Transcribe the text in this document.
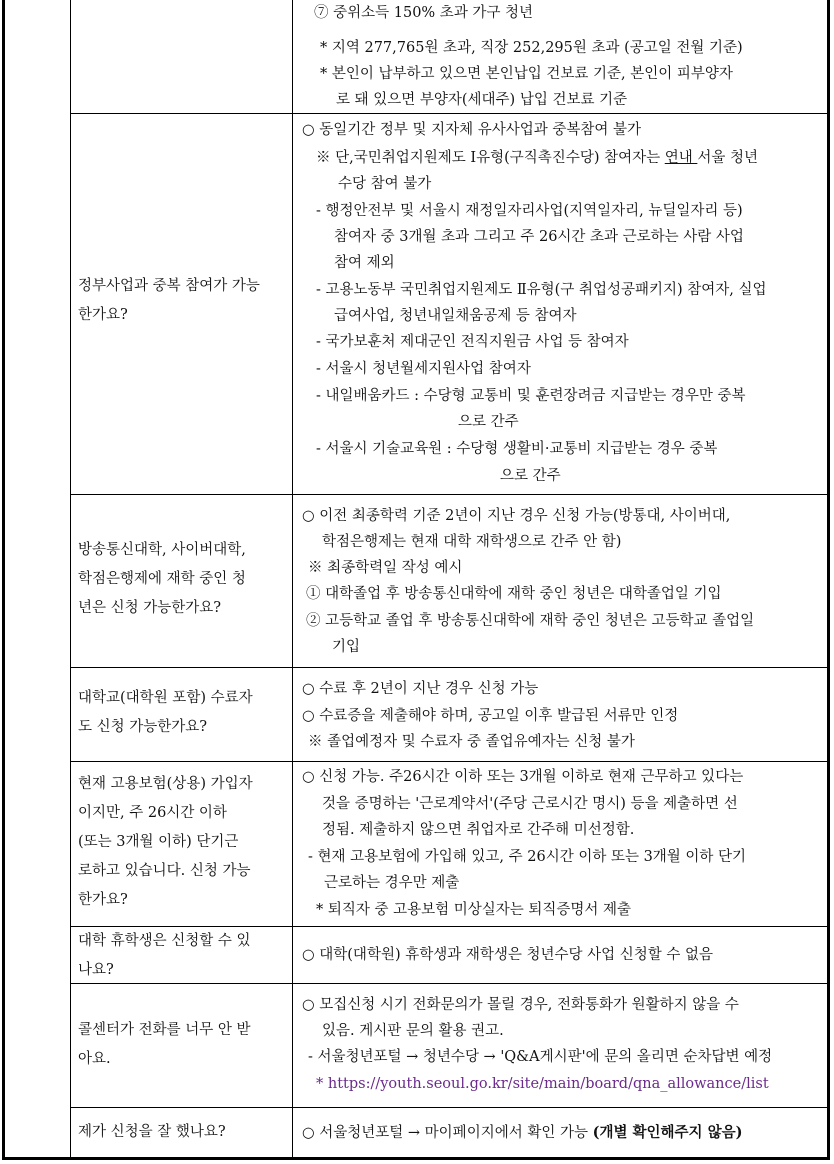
⑦ 중위소득 150% 초과 가구 청년
* 지역 277,765원 초과, 직장 252,295원 초과 (공고일 전월 기준)
* 본인이 납부하고 있으면 본인납입 건보료 기준, 본인이 피부양자
로 돼 있으면 부양자(세대주) 납입 건보료 기준
정부사업과 중복 참여가 가능
한가요?
○ 동일기간 정부 및 지자체 유사사업과 중복참여 불가
※ 단,국민취업지원제도 Ⅰ유형(구직촉진수당) 참여자는 연내 서울 청년
수당 참여 불가
- 행정안전부 및 서울시 재정일자리사업(지역일자리, 뉴딜일자리 등)
참여자 중 3개월 초과 그리고 주 26시간 초과 근로하는 사람 사업
참여 제외
- 고용노동부 국민취업지원제도 Ⅱ유형(구 취업성공패키지) 참여자, 실업
급여사업, 청년내일채움공제 등 참여자
- 국가보훈처 제대군인 전직지원금 사업 등 참여자
- 서울시 청년월세지원사업 참여자
- 내일배움카드 : 수당형 교통비 및 훈련장려금 지급받는 경우만 중복
으로 간주
- 서울시 기술교육원 : 수당형 생활비·교통비 지급받는 경우 중복
으로 간주
방송통신대학, 사이버대학,
학점은행제에 재학 중인 청
년은 신청 가능한가요?
○ 이전 최종학력 기준 2년이 지난 경우 신청 가능(방통대, 사이버대,
학점은행제는 현재 대학 재학생으로 간주 안 함)
※ 최종학력일 작성 예시
① 대학졸업 후 방송통신대학에 재학 중인 청년은 대학졸업일 기입
② 고등학교 졸업 후 방송통신대학에 재학 중인 청년은 고등학교 졸업일
기입
대학교(대학원 포함) 수료자
도 신청 가능한가요?
○ 수료 후 2년이 지난 경우 신청 가능
○ 수료증을 제출해야 하며, 공고일 이후 발급된 서류만 인정
※ 졸업예정자 및 수료자 중 졸업유예자는 신청 불가
현재 고용보험(상용) 가입자
이지만, 주 26시간 이하
(또는 3개월 이하) 단기근
로하고 있습니다. 신청 가능
한가요?
○ 신청 가능. 주26시간 이하 또는 3개월 이하로 현재 근무하고 있다는
것을 증명하는 '근로계약서'(주당 근로시간 명시) 등을 제출하면 선
정됨. 제출하지 않으면 취업자로 간주해 미선정함.
- 현재 고용보험에 가입해 있고, 주 26시간 이하 또는 3개월 이하 단기
근로하는 경우만 제출
* 퇴직자 중 고용보험 미상실자는 퇴직증명서 제출
대학 휴학생은 신청할 수 있
나요?
○ 대학(대학원) 휴학생과 재학생은 청년수당 사업 신청할 수 없음
콜센터가 전화를 너무 안 받
아요.
○ 모집신청 시기 전화문의가 몰릴 경우, 전화통화가 원활하지 않을 수
있음. 게시판 문의 활용 권고.
- 서울청년포털 → 청년수당 → 'Q&A게시판'에 문의 올리면 순차답변 예정
* https://youth.seoul.go.kr/site/main/board/qna_allowance/list
제가 신청을 잘 했나요?	○ 서울청년포털 → 마이페이지에서 확인 가능 (개별 확인해주지 않음)
